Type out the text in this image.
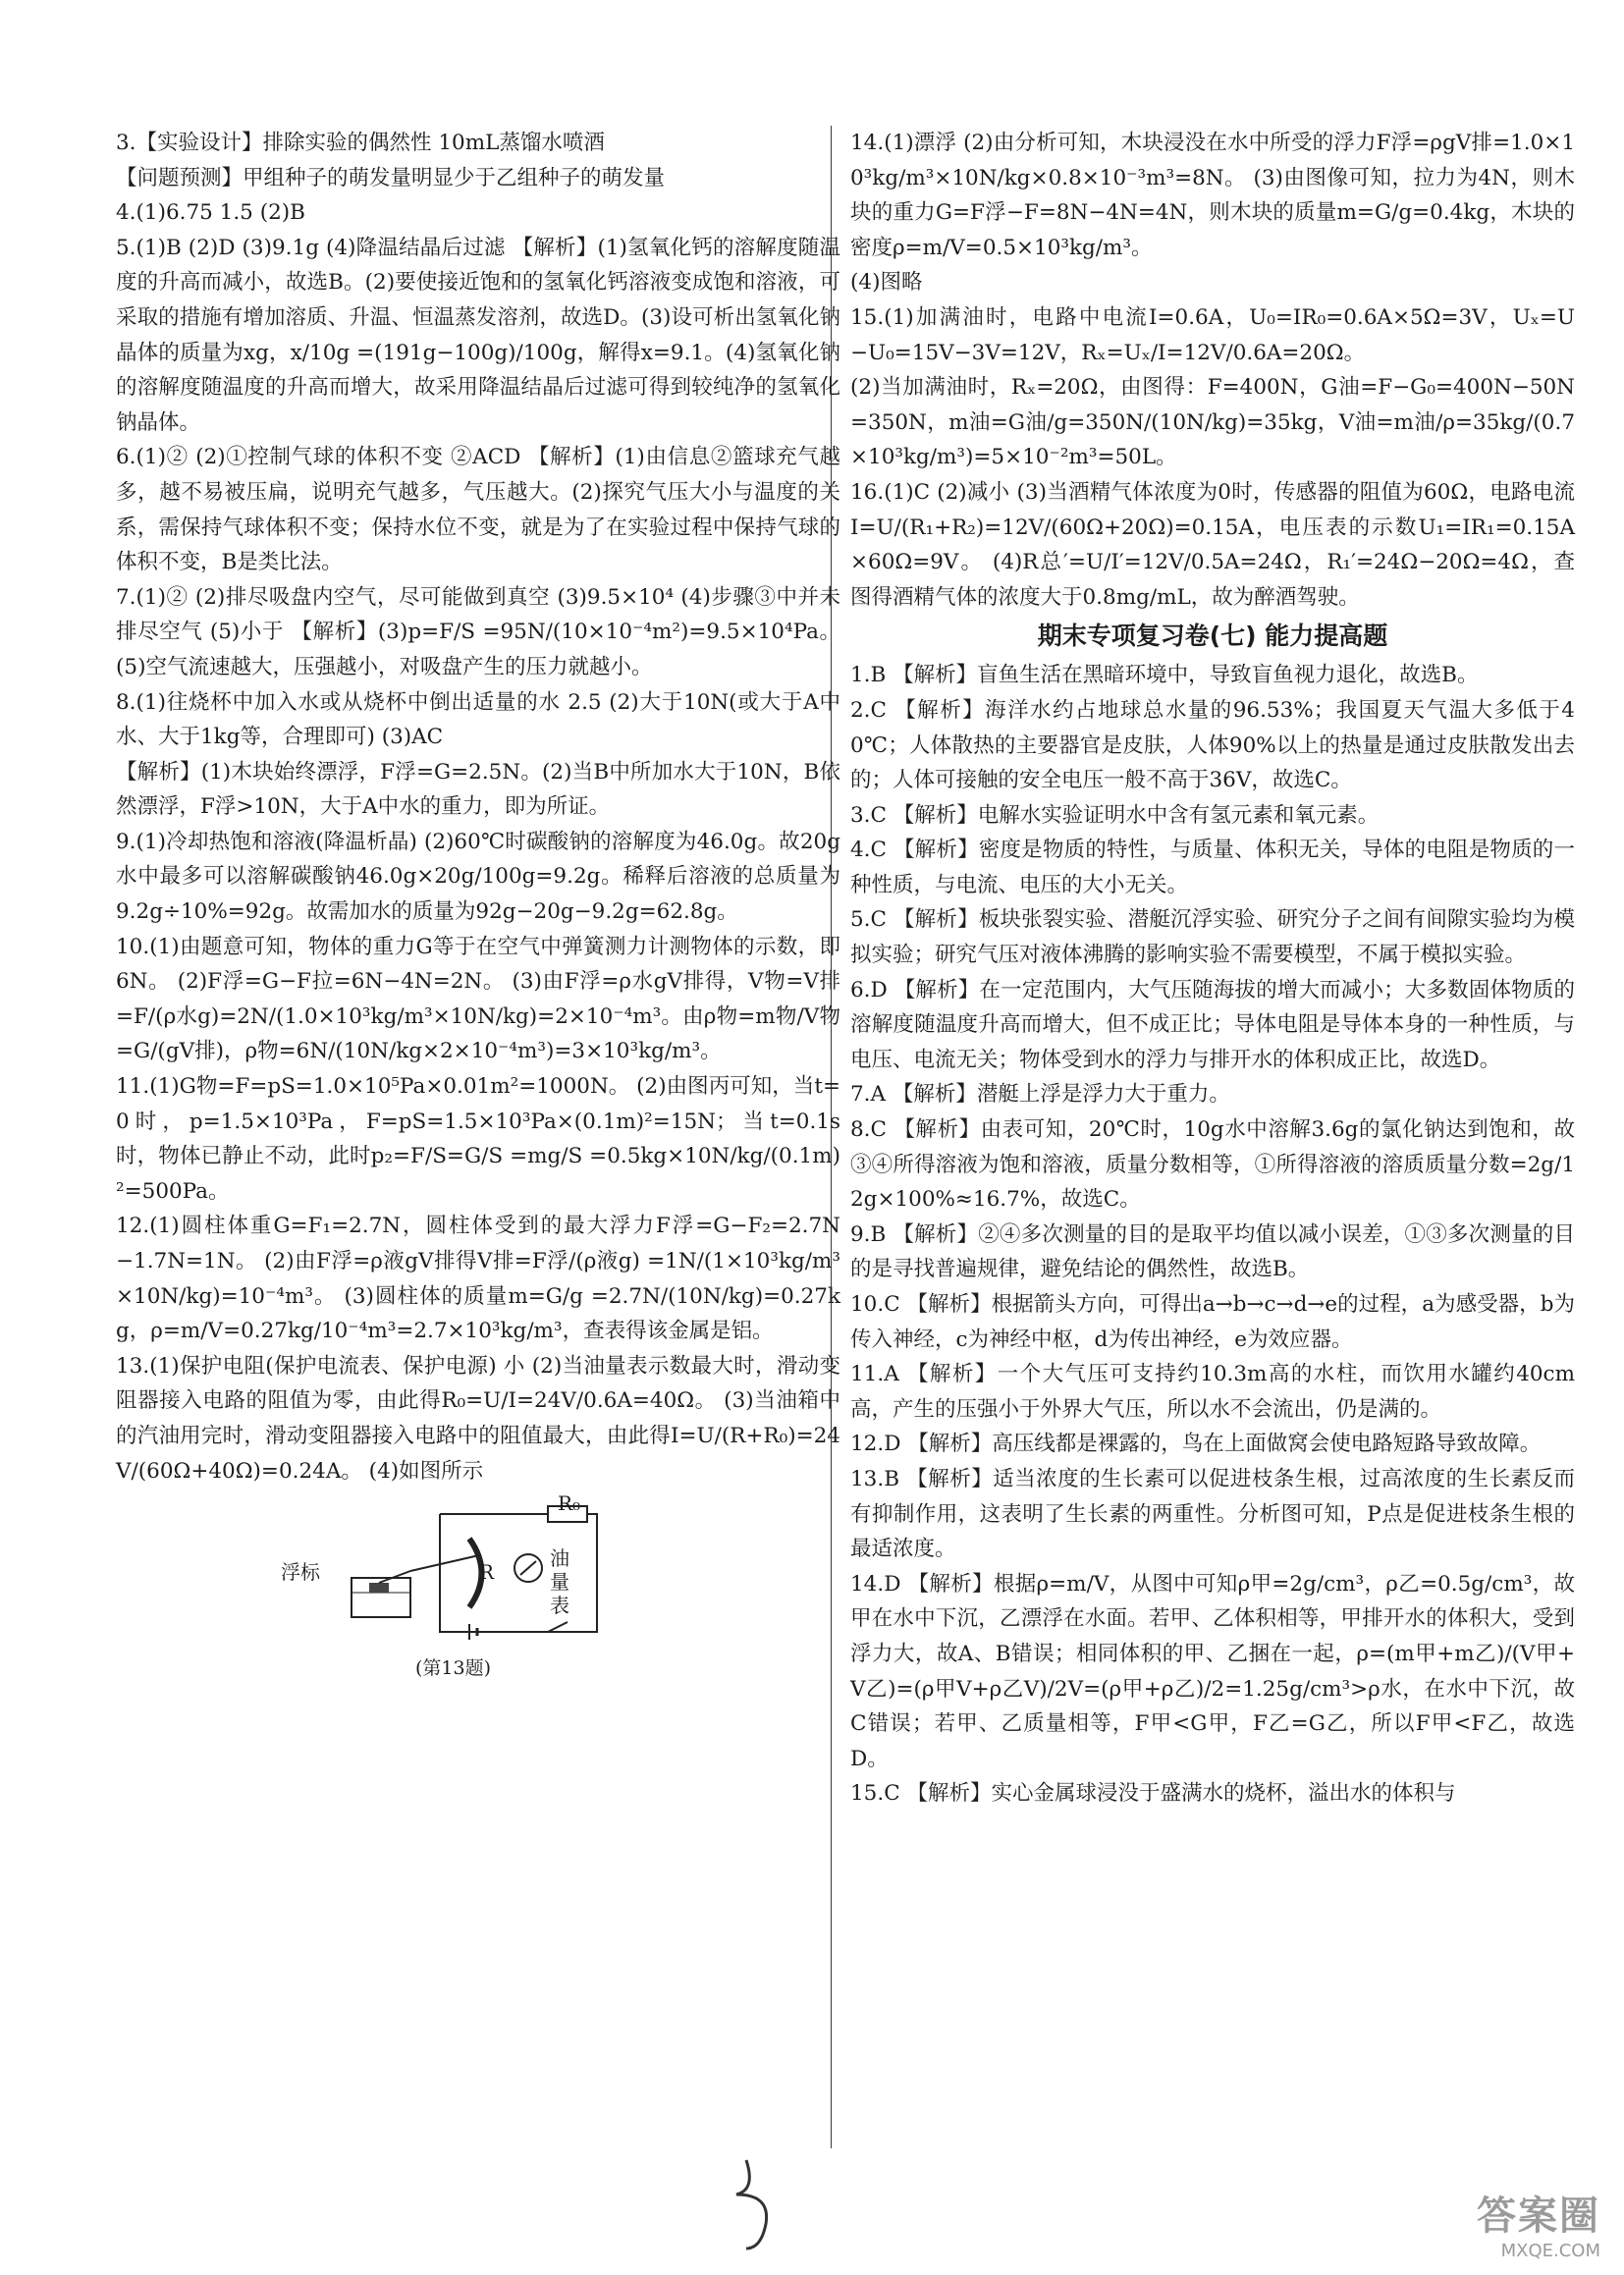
3.【实验设计】排除实验的偶然性 10mL蒸馏水喷酒

【问题预测】甲组种子的萌发量明显少于乙组种子的萌发量

4.(1)6.75 1.5 (2)B

5.(1)B (2)D (3)9.1g (4)降温结晶后过滤 【解析】(1)氢氧化钙的溶解度随温度的升高而减小，故选B。(2)要使接近饱和的氢氧化钙溶液变成饱和溶液，可采取的措施有增加溶质、升温、恒温蒸发溶剂，故选D。(3)设可析出氢氧化钠晶体的质量为xg，x/10g =(191g−100g)/100g，解得x=9.1。(4)氢氧化钠的溶解度随温度的升高而增大，故采用降温结晶后过滤可得到较纯净的氢氧化钠晶体。

6.(1)② (2)①控制气球的体积不变 ②ACD 【解析】(1)由信息②篮球充气越多，越不易被压扁，说明充气越多，气压越大。(2)探究气压大小与温度的关系，需保持气球体积不变；保持水位不变，就是为了在实验过程中保持气球的体积不变，B是类比法。

7.(1)② (2)排尽吸盘内空气，尽可能做到真空 (3)9.5×10⁴ (4)步骤③中并未排尽空气 (5)小于 【解析】(3)p=F/S =95N/(10×10⁻⁴m²)=9.5×10⁴Pa。(5)空气流速越大，压强越小，对吸盘产生的压力就越小。

8.(1)往烧杯中加入水或从烧杯中倒出适量的水 2.5 (2)大于10N(或大于A中水、大于1kg等，合理即可) (3)AC

【解析】(1)木块始终漂浮，F浮=G=2.5N。(2)当B中所加水大于10N，B依然漂浮，F浮>10N，大于A中水的重力，即为所证。

9.(1)冷却热饱和溶液(降温析晶) (2)60℃时碳酸钠的溶解度为46.0g。故20g水中最多可以溶解碳酸钠46.0g×20g/100g=9.2g。稀释后溶液的总质量为9.2g÷10%=92g。故需加水的质量为92g−20g−9.2g=62.8g。

10.(1)由题意可知，物体的重力G等于在空气中弹簧测力计测物体的示数，即6N。 (2)F浮=G−F拉=6N−4N=2N。 (3)由F浮=ρ水gV排得，V物=V排=F/(ρ水g)=2N/(1.0×10³kg/m³×10N/kg)=2×10⁻⁴m³。由ρ物=m物/V物=G/(gV排)，ρ物=6N/(10N/kg×2×10⁻⁴m³)=3×10³kg/m³。

11.(1)G物=F=pS=1.0×10⁵Pa×0.01m²=1000N。 (2)由图丙可知，当t=0时，p=1.5×10³Pa，F=pS=1.5×10³Pa×(0.1m)²=15N；当t=0.1s时，物体已静止不动，此时p₂=F/S=G/S =mg/S =0.5kg×10N/kg/(0.1m)²=500Pa。

12.(1)圆柱体重G=F₁=2.7N，圆柱体受到的最大浮力F浮=G−F₂=2.7N−1.7N=1N。 (2)由F浮=ρ液gV排得V排=F浮/(ρ液g) =1N/(1×10³kg/m³×10N/kg)=10⁻⁴m³。 (3)圆柱体的质量m=G/g =2.7N/(10N/kg)=0.27kg，ρ=m/V=0.27kg/10⁻⁴m³=2.7×10³kg/m³，查表得该金属是铝。

13.(1)保护电阻(保护电流表、保护电源) 小 (2)当油量表示数最大时，滑动变阻器接入电路的阻值为零，由此得R₀=U/I=24V/0.6A=40Ω。 (3)当油箱中的汽油用完时，滑动变阻器接入电路中的阻值最大，由此得I=U/(R+R₀)=24V/(60Ω+40Ω)=0.24A。 (4)如图所示

浮标
R₀
R
油
量
表
(第13题)

14.(1)漂浮 (2)由分析可知，木块浸没在水中所受的浮力F浮=ρgV排=1.0×10³kg/m³×10N/kg×0.8×10⁻³m³=8N。 (3)由图像可知，拉力为4N，则木块的重力G=F浮−F=8N−4N=4N，则木块的质量m=G/g=0.4kg，木块的密度ρ=m/V=0.5×10³kg/m³。

(4)图略

15.(1)加满油时，电路中电流I=0.6A，U₀=IR₀=0.6A×5Ω=3V，Uₓ=U−U₀=15V−3V=12V，Rₓ=Uₓ/I=12V/0.6A=20Ω。

(2)当加满油时，Rₓ=20Ω，由图得：F=400N，G油=F−G₀=400N−50N=350N，m油=G油/g=350N/(10N/kg)=35kg，V油=m油/ρ=35kg/(0.7×10³kg/m³)=5×10⁻²m³=50L。

16.(1)C (2)减小 (3)当酒精气体浓度为0时，传感器的阻值为60Ω，电路电流I=U/(R₁+R₂)=12V/(60Ω+20Ω)=0.15A，电压表的示数U₁=IR₁=0.15A×60Ω=9V。 (4)R总′=U/I′=12V/0.5A=24Ω，R₁′=24Ω−20Ω=4Ω，查图得酒精气体的浓度大于0.8mg/mL，故为醉酒驾驶。

期末专项复习卷(七) 能力提高题

1.B 【解析】盲鱼生活在黑暗环境中，导致盲鱼视力退化，故选B。

2.C 【解析】海洋水约占地球总水量的96.53%；我国夏天气温大多低于40℃；人体散热的主要器官是皮肤，人体90%以上的热量是通过皮肤散发出去的；人体可接触的安全电压一般不高于36V，故选C。

3.C 【解析】电解水实验证明水中含有氢元素和氧元素。

4.C 【解析】密度是物质的特性，与质量、体积无关，导体的电阻是物质的一种性质，与电流、电压的大小无关。

5.C 【解析】板块张裂实验、潜艇沉浮实验、研究分子之间有间隙实验均为模拟实验；研究气压对液体沸腾的影响实验不需要模型，不属于模拟实验。

6.D 【解析】在一定范围内，大气压随海拔的增大而减小；大多数固体物质的溶解度随温度升高而增大，但不成正比；导体电阻是导体本身的一种性质，与电压、电流无关；物体受到水的浮力与排开水的体积成正比，故选D。

7.A 【解析】潜艇上浮是浮力大于重力。

8.C 【解析】由表可知，20℃时，10g水中溶解3.6g的氯化钠达到饱和，故③④所得溶液为饱和溶液，质量分数相等，①所得溶液的溶质质量分数=2g/12g×100%≈16.7%，故选C。

9.B 【解析】②④多次测量的目的是取平均值以减小误差，①③多次测量的目的是寻找普遍规律，避免结论的偶然性，故选B。

10.C 【解析】根据箭头方向，可得出a→b→c→d→e的过程，a为感受器，b为传入神经，c为神经中枢，d为传出神经，e为效应器。

11.A 【解析】一个大气压可支持约10.3m高的水柱，而饮用水罐约40cm高，产生的压强小于外界大气压，所以水不会流出，仍是满的。

12.D 【解析】高压线都是裸露的，鸟在上面做窝会使电路短路导致故障。

13.B 【解析】适当浓度的生长素可以促进枝条生根，过高浓度的生长素反而有抑制作用，这表明了生长素的两重性。分析图可知，P点是促进枝条生根的最适浓度。

14.D 【解析】根据ρ=m/V，从图中可知ρ甲=2g/cm³，ρ乙=0.5g/cm³，故甲在水中下沉，乙漂浮在水面。若甲、乙体积相等，甲排开水的体积大，受到浮力大，故A、B错误；相同体积的甲、乙捆在一起，ρ=(m甲+m乙)/(V甲+V乙)=(ρ甲V+ρ乙V)/2V=(ρ甲+ρ乙)/2=1.25g/cm³>ρ水，在水中下沉，故C错误；若甲、乙质量相等，F甲<G甲，F乙=G乙，所以F甲<F乙，故选D。

15.C 【解析】实心金属球浸没于盛满水的烧杯，溢出水的体积与

答案圈
MXQE.COM
